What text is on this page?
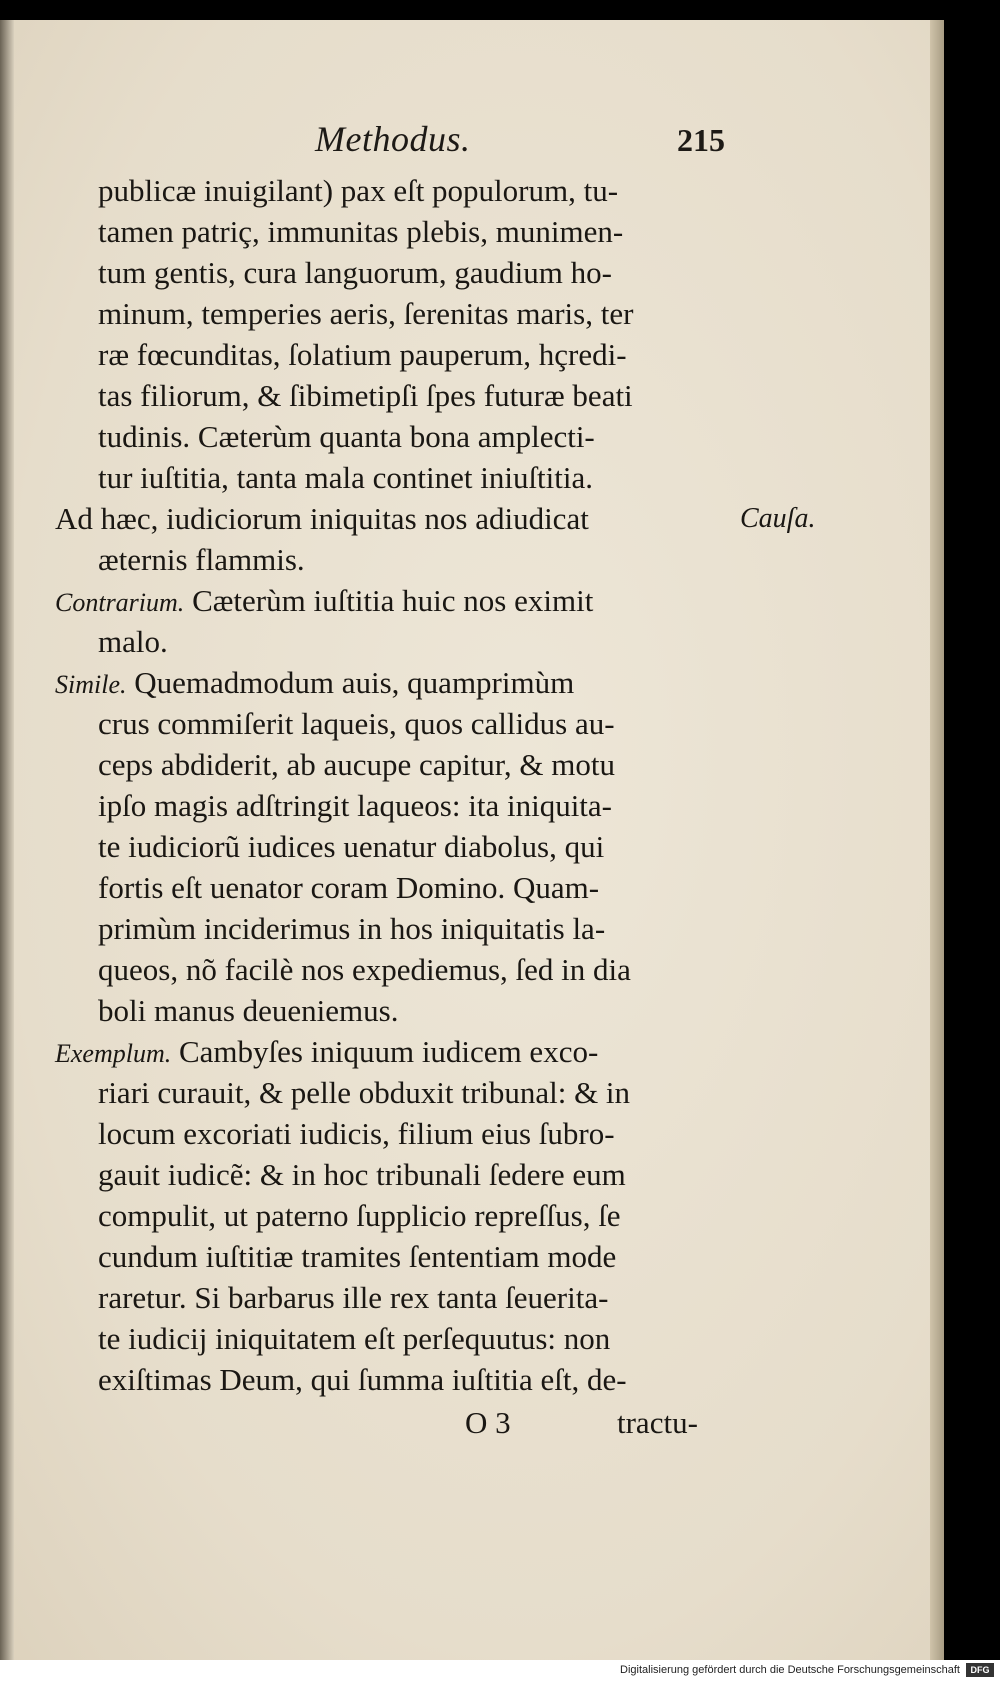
Methodus.	215
publicæ inuigilant) pax eſt populorum, tu-
tamen patriç, immunitas plebis, munimen-
tum gentis, cura languorum, gaudium ho-
minum, temperies aeris, ſerenitas maris, ter
ræ fœcunditas, ſolatium pauperum, hçredi-
tas filiorum, & ſibimetipſi ſpes futuræ beati
tudinis. Cæterùm quanta bona amplecti-
tur iuſtitia, tanta mala continet iniuſtitia.
Ad hæc, iudiciorum iniquitas nos adiudicat	Cauſa.
æternis flammis.
Contrarium. Cæterùm iuſtitia huic nos eximit
malo.
Simile. Quemadmodum auis, quamprimùm
crus commiſerit laqueis, quos callidus au-
ceps abdiderit, ab aucupe capitur, & motu
ipſo magis adſtringit laqueos: ita iniquita-
te iudiciorũ iudices uenatur diabolus, qui
fortis eſt uenator coram Domino. Quam-
primùm inciderimus in hos iniquitatis la-
queos, nõ facilè nos expediemus, ſed in dia
boli manus deueniemus.
Exemplum. Cambyſes iniquum iudicem exco-
riari curauit, & pelle obduxit tribunal: & in
locum excoriati iudicis, filium eius ſubro-
gauit iudicẽ: & in hoc tribunali ſedere eum
compulit, ut paterno ſupplicio repreſſus, ſe
cundum iuſtitiæ tramites ſententiam mode
raretur. Si barbarus ille rex tanta ſeuerita-
te iudicij iniquitatem eſt perſequutus: non
exiſtimas Deum, qui ſumma iuſtitia eſt, de-
O 3	tractu-
Digitalisierung gefördert durch die Deutsche Forschungsgemeinschaft	DFG
